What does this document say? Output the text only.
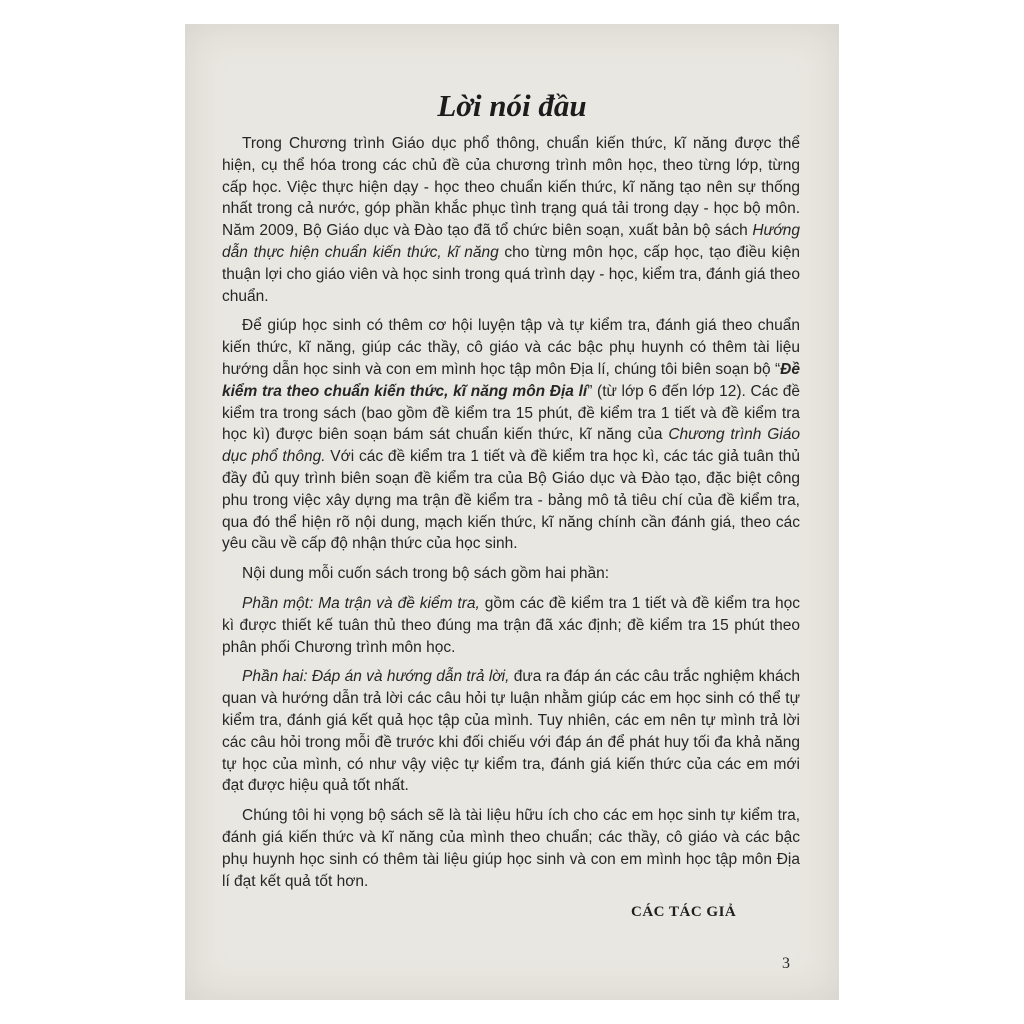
Lời nói đầu

Trong Chương trình Giáo dục phổ thông, chuẩn kiến thức, kĩ năng được thể hiện, cụ thể hóa trong các chủ đề của chương trình môn học, theo từng lớp, từng cấp học. Việc thực hiện dạy - học theo chuẩn kiến thức, kĩ năng tạo nên sự thống nhất trong cả nước, góp phần khắc phục tình trạng quá tải trong dạy - học bộ môn. Năm 2009, Bộ Giáo dục và Đào tạo đã tổ chức biên soạn, xuất bản bộ sách Hướng dẫn thực hiện chuẩn kiến thức, kĩ năng cho từng môn học, cấp học, tạo điều kiện thuận lợi cho giáo viên và học sinh trong quá trình dạy - học, kiểm tra, đánh giá theo chuẩn.

Để giúp học sinh có thêm cơ hội luyện tập và tự kiểm tra, đánh giá theo chuẩn kiến thức, kĩ năng, giúp các thầy, cô giáo và các bậc phụ huynh có thêm tài liệu hướng dẫn học sinh và con em mình học tập môn Địa lí, chúng tôi biên soạn bộ “Đề kiểm tra theo chuẩn kiến thức, kĩ năng môn Địa lí” (từ lớp 6 đến lớp 12). Các đề kiểm tra trong sách (bao gồm đề kiểm tra 15 phút, đề kiểm tra 1 tiết và đề kiểm tra học kì) được biên soạn bám sát chuẩn kiến thức, kĩ năng của Chương trình Giáo dục phổ thông. Với các đề kiểm tra 1 tiết và đề kiểm tra học kì, các tác giả tuân thủ đầy đủ quy trình biên soạn đề kiểm tra của Bộ Giáo dục và Đào tạo, đặc biệt công phu trong việc xây dựng ma trận đề kiểm tra - bảng mô tả tiêu chí của đề kiểm tra, qua đó thể hiện rõ nội dung, mạch kiến thức, kĩ năng chính cần đánh giá, theo các yêu cầu về cấp độ nhận thức của học sinh.

Nội dung mỗi cuốn sách trong bộ sách gồm hai phần:

Phần một: Ma trận và đề kiểm tra, gồm các đề kiểm tra 1 tiết và đề kiểm tra học kì được thiết kế tuân thủ theo đúng ma trận đã xác định; đề kiểm tra 15 phút theo phân phối Chương trình môn học.

Phần hai: Đáp án và hướng dẫn trả lời, đưa ra đáp án các câu trắc nghiệm khách quan và hướng dẫn trả lời các câu hỏi tự luận nhằm giúp các em học sinh có thể tự kiểm tra, đánh giá kết quả học tập của mình. Tuy nhiên, các em nên tự mình trả lời các câu hỏi trong mỗi đề trước khi đối chiếu với đáp án để phát huy tối đa khả năng tự học của mình, có như vậy việc tự kiểm tra, đánh giá kiến thức của các em mới đạt được hiệu quả tốt nhất.

Chúng tôi hi vọng bộ sách sẽ là tài liệu hữu ích cho các em học sinh tự kiểm tra, đánh giá kiến thức và kĩ năng của mình theo chuẩn; các thầy, cô giáo và các bậc phụ huynh học sinh có thêm tài liệu giúp học sinh và con em mình học tập môn Địa lí đạt kết quả tốt hơn.

CÁC TÁC GIẢ
3
